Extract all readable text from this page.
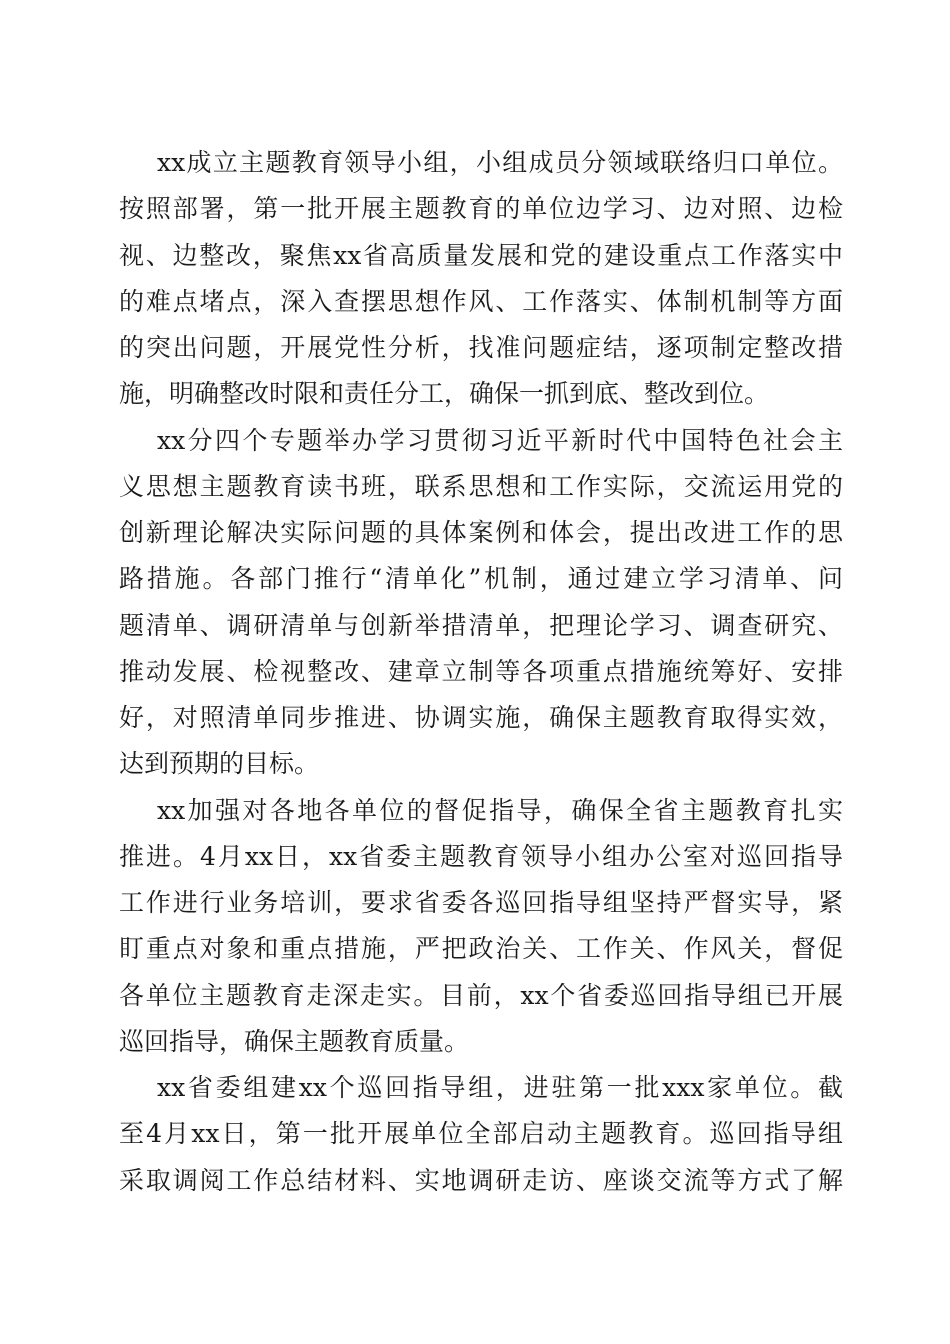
xx成立主题教育领导小组，小组成员分领域联络归口单位。
按照部署，第一批开展主题教育的单位边学习、边对照、边检
视、边整改，聚焦xx省高质量发展和党的建设重点工作落实中
的难点堵点，深入查摆思想作风、工作落实、体制机制等方面
的突出问题，开展党性分析，找准问题症结，逐项制定整改措
施，明确整改时限和责任分工，确保一抓到底、整改到位。
xx分四个专题举办学习贯彻习近平新时代中国特色社会主
义思想主题教育读书班，联系思想和工作实际，交流运用党的
创新理论解决实际问题的具体案例和体会，提出改进工作的思
路措施。各部门推行“清单化”机制，通过建立学习清单、问
题清单、调研清单与创新举措清单，把理论学习、调查研究、
推动发展、检视整改、建章立制等各项重点措施统筹好、安排
好，对照清单同步推进、协调实施，确保主题教育取得实效，
达到预期的目标。
xx加强对各地各单位的督促指导，确保全省主题教育扎实
推进。4月xx日，xx省委主题教育领导小组办公室对巡回指导
工作进行业务培训，要求省委各巡回指导组坚持严督实导，紧
盯重点对象和重点措施，严把政治关、工作关、作风关，督促
各单位主题教育走深走实。目前，xx个省委巡回指导组已开展
巡回指导，确保主题教育质量。
xx省委组建xx个巡回指导组，进驻第一批xxx家单位。截
至4月xx日，第一批开展单位全部启动主题教育。巡回指导组
采取调阅工作总结材料、实地调研走访、座谈交流等方式了解
